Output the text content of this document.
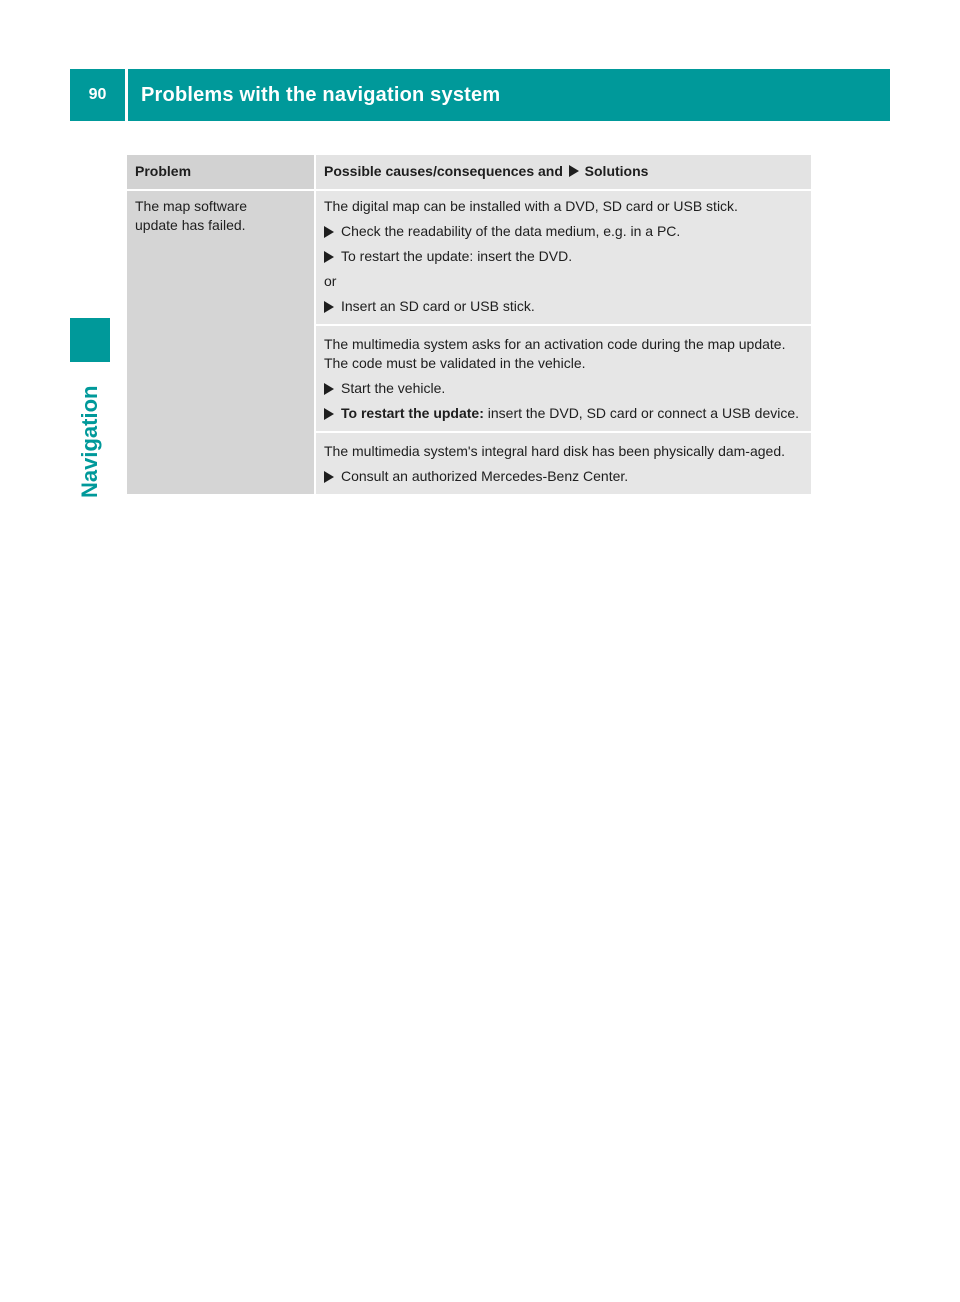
90	Problems with the navigation system
Navigation
Problem	Possible causes/consequences and Solutions

The map software update has failed.	The digital map can be installed with a DVD, SD card or USB stick.

Check the readability of the data medium, e.g. in a PC.
To restart the update: insert the DVD.

or

Insert an SD card or USB stick.

	The multimedia system asks for an activation code during the map update. The code must be validated in the vehicle.

Start the vehicle.
To restart the update: insert the DVD, SD card or connect a USB device.

	The multimedia system's integral hard disk has been physically dam-aged.

Consult an authorized Mercedes-Benz Center.
